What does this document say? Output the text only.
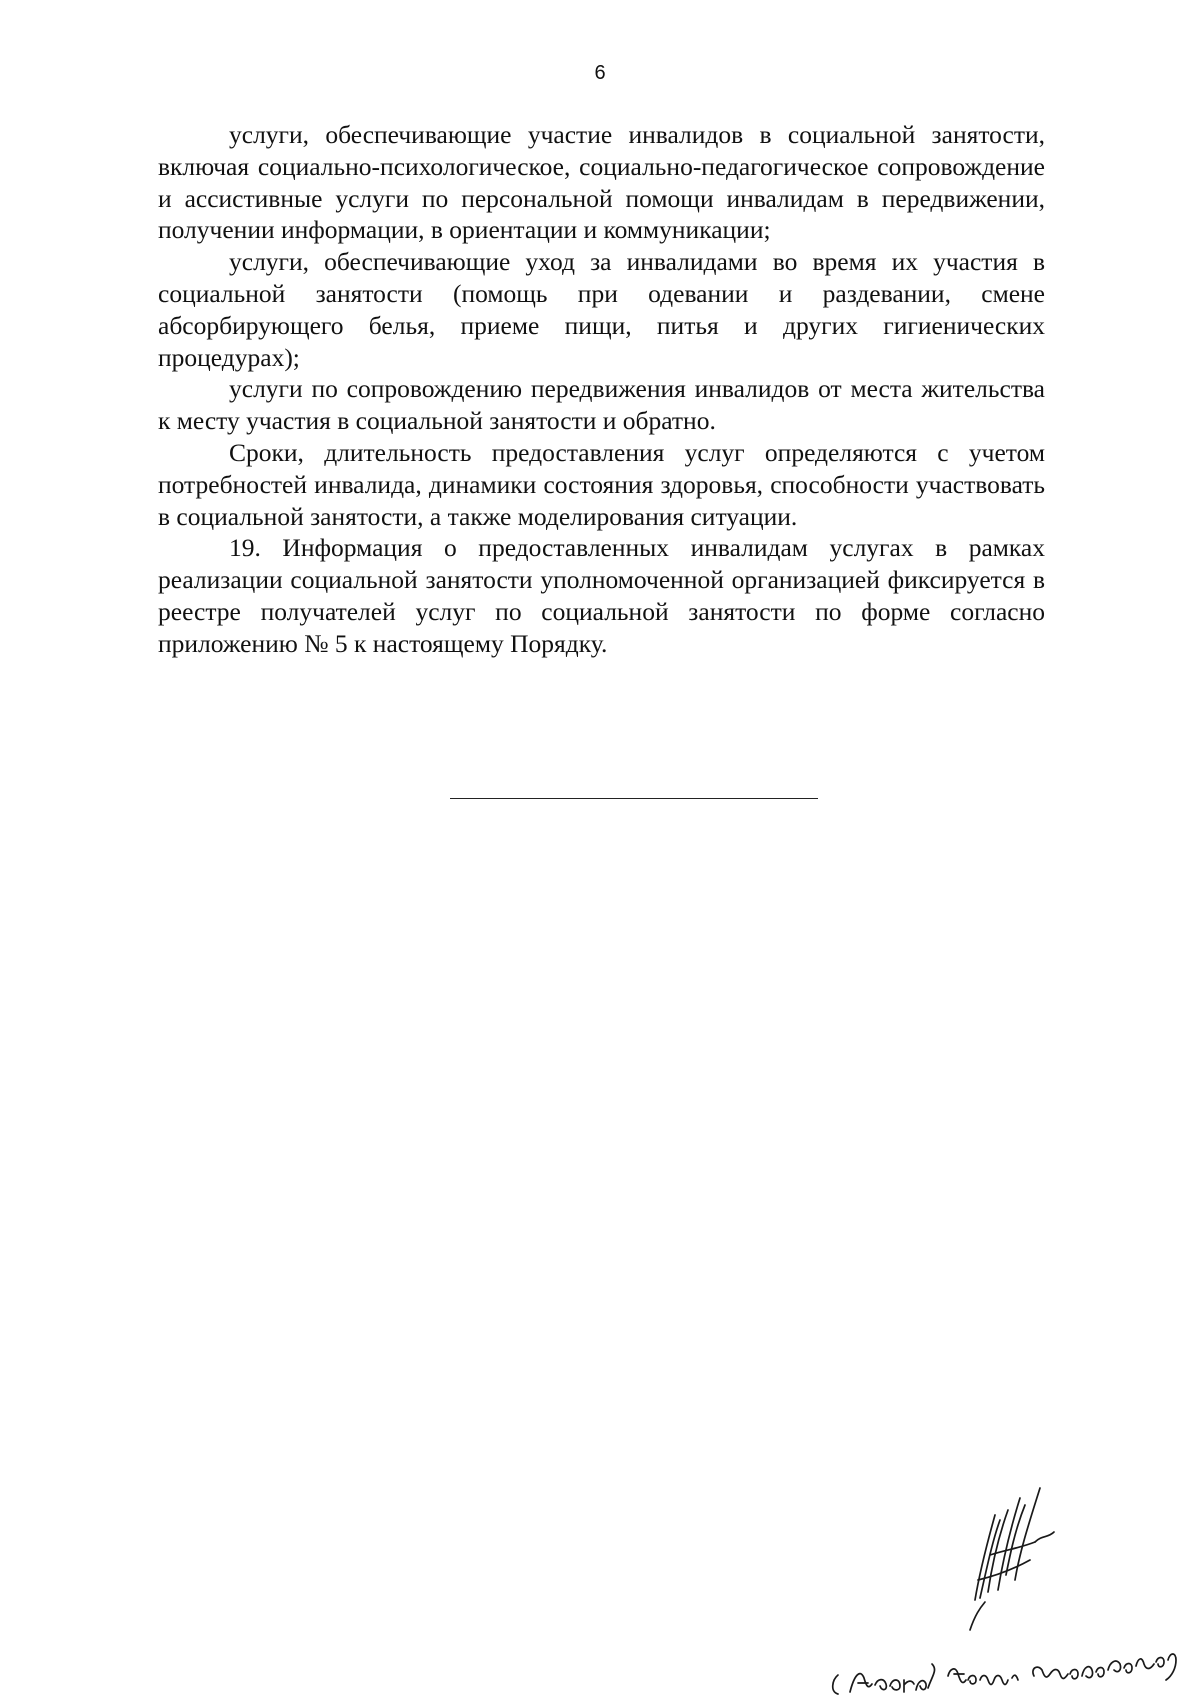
6

услуги, обеспечивающие участие инвалидов в социальной занятости, включая социально-психологическое, социально-педагогическое сопровождение и ассистивные услуги по персональной помощи инвалидам в передвижении, получении информации, в ориентации и коммуникации;

услуги, обеспечивающие уход за инвалидами во время их участия в социальной занятости (помощь при одевании и раздевании, смене абсорбирующего белья, приеме пищи, питья и других гигиенических процедурах);

услуги по сопровождению передвижения инвалидов от места жительства к месту участия в социальной занятости и обратно.

Сроки, длительность предоставления услуг определяются с учетом потребностей инвалида, динамики состояния здоровья, способности участвовать в социальной занятости, а также моделирования ситуации.

19. Информация о предоставленных инвалидам услугах в рамках реализации социальной занятости уполномоченной организацией фиксируется в реестре получателей услуг по социальной занятости по форме согласно приложению № 5 к настоящему Порядку.
